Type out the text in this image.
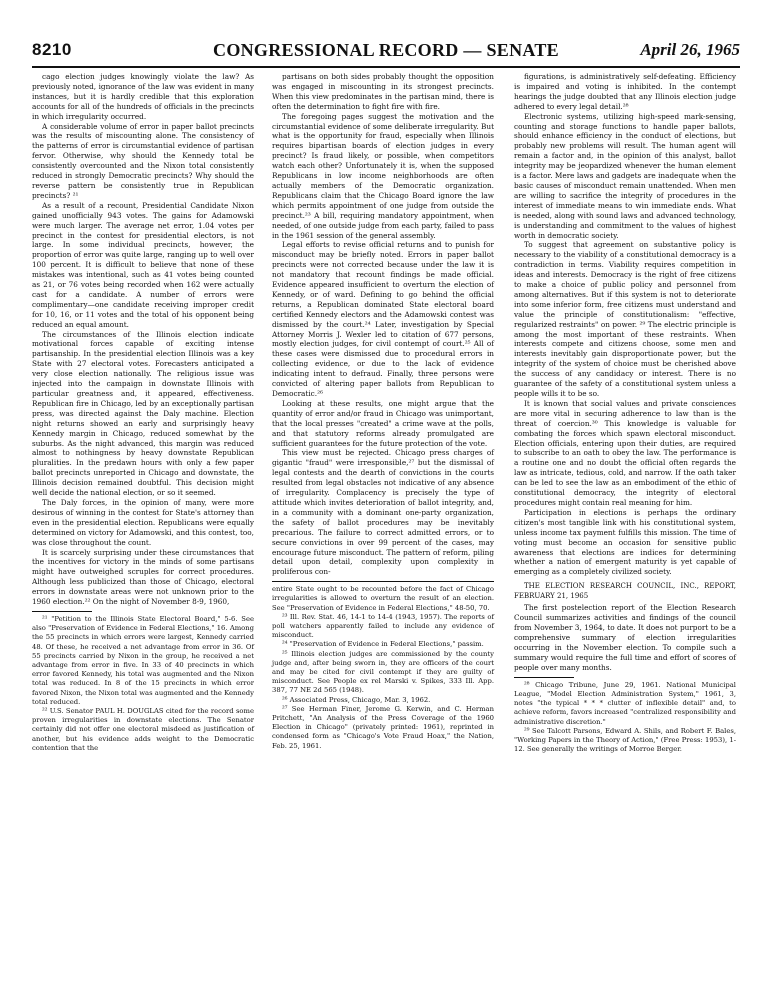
8210	CONGRESSIONAL RECORD — SENATE	April 26, 1965

cago election judges knowingly violate the law? As previously noted, ignorance of the law was evident in many instances, but it is hardly credible that this exploration accounts for all of the hundreds of officials in the precincts in which irregularity occurred.

A considerable volume of error in paper ballot precincts was the results of miscounting alone. The consistency of the patterns of error is circumstantial evidence of partisan fervor. Otherwise, why should the Kennedy total be consistently overcounted and the Nixon total consistently reduced in strongly Democratic precincts? Why should the reverse pattern be consistently true in Republican precincts? ²¹

As a result of a recount, Presidential Candidate Nixon gained unofficially 943 votes. The gains for Adamowski were much larger. The average net error, 1.04 votes per precinct in the contest for presidential electors, is not large. In some individual precincts, however, the proportion of error was quite large, ranging up to well over 100 percent. It is difficult to believe that none of these mistakes was intentional, such as 41 votes being counted as 21, or 76 votes being recorded when 162 were actually cast for a candidate. A number of errors were complimentary—one candidate receiving improper credit for 10, 16, or 11 votes and the total of his opponent being reduced an equal amount.

The circumstances of the Illinois election indicate motivational forces capable of exciting intense partisanship. In the presidential election Illinois was a key State with 27 electoral votes. Forecasters anticipated a very close election nationally. The religious issue was injected into the campaign in downstate Illinois with particular greatness and, it appeared, effectiveness. Republican fire in Chicago, led by an exceptionally partisan press, was directed against the Daly machine. Election night returns showed an early and surprisingly heavy Kennedy margin in Chicago, reduced somewhat by the suburbs. As the night advanced, this margin was reduced almost to nothingness by heavy downstate Republican pluralities. In the predawn hours with only a few paper ballot precincts unreported in Chicago and downstate, the Illinois decision remained doubtful. This decision might well decide the national election, or so it seemed.

The Daly forces, in the opinion of many, were more desirous of winning in the contest for State's attorney than even in the presidential election. Republicans were equally determined on victory for Adamowski, and this contest, too, was close throughout the count.

It is scarcely surprising under these circumstances that the incentives for victory in the minds of some partisans might have outweighed scruples for correct procedures. Although less publicized than those of Chicago, electoral errors in downstate areas were not unknown prior to the 1960 election.²² On the night of November 8-9, 1960,

²¹ "Petition to the Illinois State Electoral Board," 5-6. See also "Preservation of Evidence in Federal Elections," 16. Among the 55 precincts in which errors were largest, Kennedy carried 48. Of these, he received a net advantage from error in 36. Of 55 precincts carried by Nixon in the group, he received a net advantage from error in five. In 33 of 40 precincts in which error favored Kennedy, his total was augmented and the Nixon total was reduced. In 8 of the 15 precincts in which error favored Nixon, the Nixon total was augmented and the Kennedy total reduced.

²² U.S. Senator PAUL H. DOUGLAS cited for the record some proven irregularities in downstate elections. The Senator certainly did not offer one electoral misdeed as justification of another, but his evidence adds weight to the Democratic contention that the

partisans on both sides probably thought the opposition was engaged in miscounting in its strongest precincts. When this view predominates in the partisan mind, there is often the determination to fight fire with fire.

The foregoing pages suggest the motivation and the circumstantial evidence of some deliberate irregularity. But what is the opportunity for fraud, especially when Illinois requires bipartisan boards of election judges in every precinct? Is fraud likely, or possible, when competitors watch each other? Unfortunately it is, when the supposed Republicans in low income neighborhoods are often actually members of the Democratic organization. Republicans claim that the Chicago Board ignore the law which permits appointment of one judge from outside the precinct.²³ A bill, requiring mandatory appointment, when needed, of one outside judge from each party, failed to pass in the 1961 session of the general assembly.

Legal efforts to revise official returns and to punish for misconduct may be briefly noted. Errors in paper ballot precincts were not corrected because under the law it is not mandatory that recount findings be made official. Evidence appeared insufficient to overturn the election of Kennedy, or of ward. Defining to go behind the official returns, a Republican dominated State electoral board certified Kennedy electors and the Adamowski contest was dismissed by the court.²⁴ Later, investigation by Special Attorney Morris J. Wexler led to citation of 677 persons, mostly election judges, for civil contempt of court.²⁵ All of these cases were dismissed due to procedural errors in collecting evidence, or due to the lack of evidence indicating intent to defraud. Finally, three persons were convicted of altering paper ballots from Republican to Democratic.²⁶

Looking at these results, one might argue that the quantity of error and/or fraud in Chicago was unimportant, that the local presses "created" a crime wave at the polls, and that statutory reforms already promulgated are sufficient guarantees for the future protection of the vote.

This view must be rejected. Chicago press charges of gigantic "fraud" were irresponsible,²⁷ but the dismissal of legal contests and the dearth of convictions in the courts resulted from legal obstacles not indicative of any absence of irregularity. Complacency is precisely the type of attitude which invites deterioration of ballot integrity, and, in a community with a dominant one-party organization, the safety of ballot procedures may be inevitably precarious. The failure to correct admitted errors, or to secure convictions in over 99 percent of the cases, may encourage future misconduct. The pattern of reform, piling detail upon detail, complexity upon complexity in proliferous con-

entire State ought to be recounted before the fact of Chicago irregularities is allowed to overturn the result of an election. See "Preservation of Evidence in Federal Elections," 48-50, 70.

²³ Ill. Rev. Stat. 46, 14-1 to 14-4 (1943, 1957). The reports of poll watchers apparently failed to include any evidence of misconduct.

²⁴ "Preservation of Evidence in Federal Elections," passim.

²⁵ Illinois election judges are commissioned by the county judge and, after being sworn in, they are officers of the court and may be cited for civil contempt if they are guilty of misconduct. See People ex rel Marski v. Spikes, 333 Ill. App. 387, 77 NE 2d 565 (1948).

²⁶ Associated Press, Chicago, Mar. 3, 1962.

²⁷ See Herman Finer, Jerome G. Kerwin, and C. Herman Pritchett, "An Analysis of the Press Coverage of the 1960 Election in Chicago" (privately printed: 1961), reprinted in condensed form as "Chicago's Vote Fraud Hoax," the Nation, Feb. 25, 1961.

figurations, is administratively self-defeating. Efficiency is impaired and voting is inhibited. In the contempt hearings the judge doubted that any Illinois election judge adhered to every legal detail.²⁸

Electronic systems, utilizing high-speed mark-sensing, counting and storage functions to handle paper ballots, should enhance efficiency in the conduct of elections, but probably new problems will result. The human agent will remain a factor and, in the opinion of this analyst, ballot integrity may be jeopardized whenever the human element is a factor. Mere laws and gadgets are inadequate when the basic causes of misconduct remain unattended. When men are willing to sacrifice the integrity of procedures in the interest of immediate means to win immediate ends. What is needed, along with sound laws and advanced technology, is understanding and commitment to the values of highest worth in democratic society.

To suggest that agreement on substantive policy is necessary to the viability of a constitutional democracy is a contradiction in terms. Viability requires competition in ideas and interests. Democracy is the right of free citizens to make a choice of public policy and personnel from among alternatives. But if this system is not to deteriorate into some inferior form, free citizens must understand and value the principle of constitutionalism: "effective, regularized restraints" on power. ²⁹ The electric principle is among the most important of these restraints. When interests compete and citizens choose, some men and interests inevitably gain disproportionate power, but the integrity of the system of choice must be cherished above the success of any candidacy or interest. There is no guarantee of the safety of a constitutional system unless a people wills it to be so.

It is known that social values and private consciences are more vital in securing adherence to law than is the threat of coercion.³⁰ This knowledge is valuable for combating the forces which spawn electoral misconduct. Election officials, entering upon their duties, are required to subscribe to an oath to obey the law. The performance is a routine one and no doubt the official often regards the law as intricate, tedious, cold, and narrow. If the oath taker can be led to see the law as an embodiment of the ethic of constitutional democracy, the integrity of electoral procedures might contain real meaning for him.

Participation in elections is perhaps the ordinary citizen's most tangible link with his constitutional system, unless income tax payment fulfills this mission. The time of voting must become an occasion for sensitive public awareness that elections are indices for determining whether a nation of emergent maturity is yet capable of emerging as a completely civilized society.

THE ELECTION RESEARCH COUNCIL, INC., REPORT, FEBRUARY 21, 1965

The first postelection report of the Election Research Council summarizes activities and findings of the council from November 3, 1964, to date. It does not purport to be a comprehensive summary of election irregularities occurring in the November election. To compile such a summary would require the full time and effort of scores of people over many months.

²⁸ Chicago Tribune, June 29, 1961. National Municipal League, "Model Election Administration System," 1961, 3, notes "the typical * * * clutter of inflexible detail" and, to achieve reform, favors increased "centralized responsibility and administrative discretion."

²⁹ See Talcott Parsons, Edward A. Shils, and Robert F. Bales, "Working Papers in the Theory of Action," (Free Press: 1953), 1-12. See generally the writings of Morroe Berger.
